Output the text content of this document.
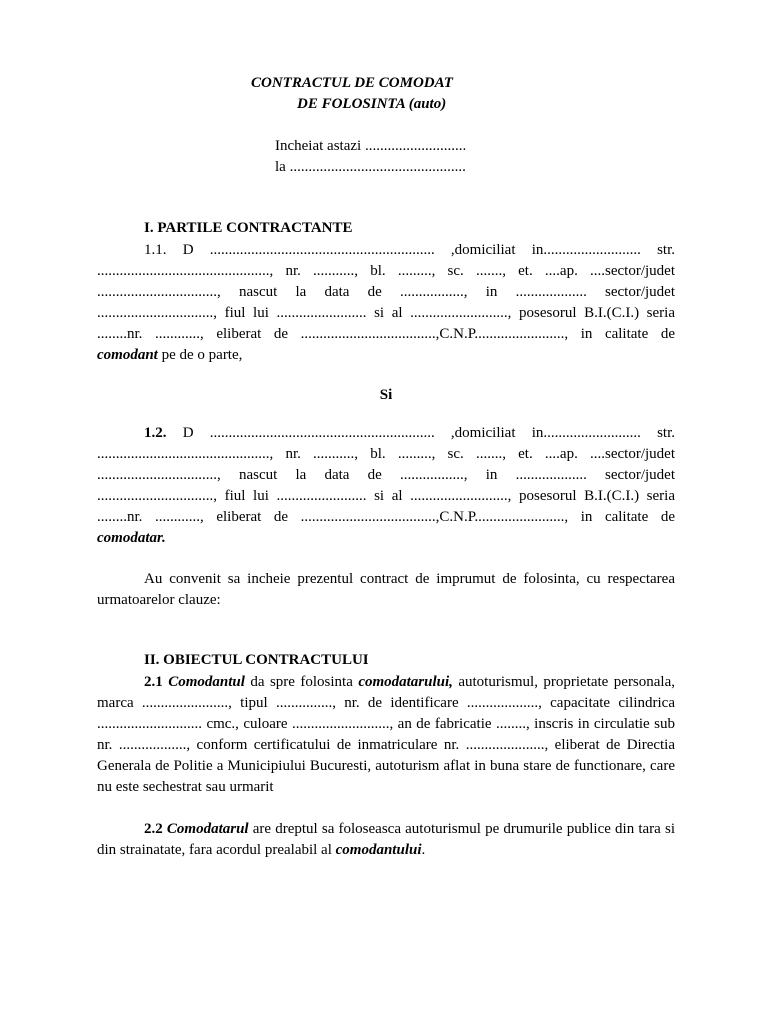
CONTRACTUL DE COMODAT
DE FOLOSINTA (auto)
Incheiat astazi ...........................
la ...............................................
I. PARTILE CONTRACTANTE
1.1. D ............................................................ ,domiciliat in.......................... str. .............................................., nr. ..........., bl. ........., sc. ......., et. ....ap. ....sector/judet ................................, nascut la data de ................., in ................... sector/judet ..............................., fiul lui ........................ si al .........................., posesorul B.I.(C.I.) seria ........nr. ............, eliberat de ....................................,C.N.P........................, in calitate de comodant pe de o parte,
Si
1.2. D ............................................................ ,domiciliat in.......................... str. .............................................., nr. ..........., bl. ........., sc. ......., et. ....ap. ....sector/judet ................................, nascut la data de ................., in ................... sector/judet ..............................., fiul lui ........................ si al .........................., posesorul B.I.(C.I.) seria ........nr. ............, eliberat de ....................................,C.N.P........................, in calitate de comodatar.
Au convenit sa incheie prezentul contract de imprumut de folosinta, cu respectarea urmatoarelor clauze:
II. OBIECTUL CONTRACTULUI
2.1 Comodantul da spre folosinta comodatarului, autoturismul, proprietate personala, marca ......................., tipul ..............., nr. de identificare ..................., capacitate cilindrica ............................ cmc., culoare .........................., an de fabricatie ........, inscris in circulatie sub nr. .................., conform certificatului de inmatriculare nr. ....................., eliberat de Directia Generala de Politie a Municipiului Bucuresti, autoturism aflat in buna stare de functionare, care nu este sechestrat sau urmarit
2.2 Comodatarul are dreptul sa foloseasca autoturismul pe drumurile publice din tara si din strainatate, fara acordul prealabil al comodantului.
